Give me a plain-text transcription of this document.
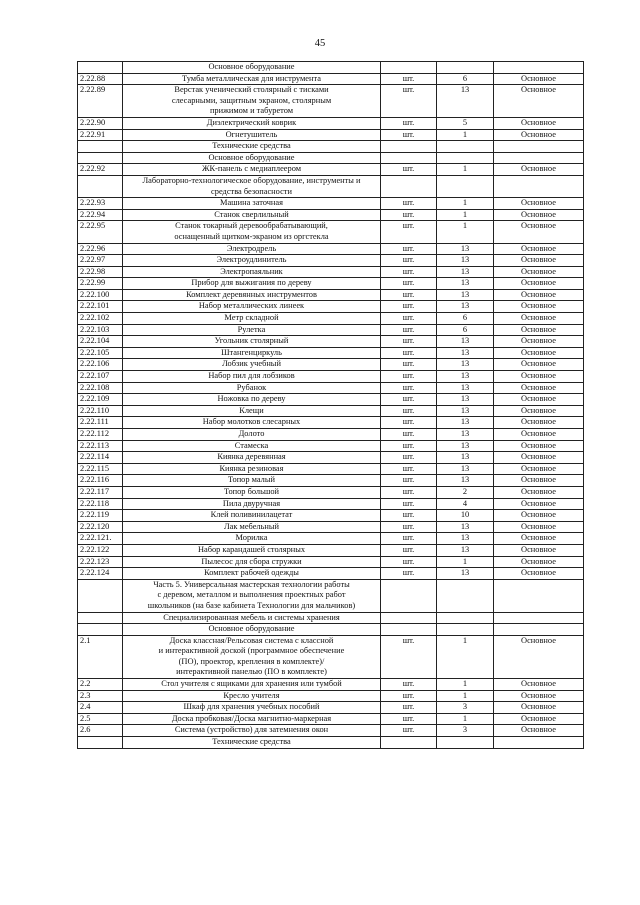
45
	Основное оборудование			
2.22.88	Тумба металлическая для инструмента	шт.	6	Основное
2.22.89	Верстак ученический столярный с тисками
слесарными, защитным экраном, столярным
прижимом и табуретом	шт.	13	Основное
2.22.90	Диэлектрический коврик	шт.	5	Основное
2.22.91	Огнетушитель	шт.	1	Основное
	Технические средства			
	Основное оборудование			
2.22.92	ЖК-панель с медиаплеером	шт.	1	Основное
	Лабораторно-технологическое оборудование, инструменты и
средства безопасности			
2.22.93	Машина заточная	шт.	1	Основное
2.22.94	Станок сверлильный	шт.	1	Основное
2.22.95	Станок токарный деревообрабатывающий,
оснащенный щитком-экраном из оргстекла	шт.	1	Основное
2.22.96	Электродрель	шт.	13	Основное
2.22.97	Электроудлинитель	шт.	13	Основное
2.22.98	Электропаяльник	шт.	13	Основное
2.22.99	Прибор для выжигания по дереву	шт.	13	Основное
2.22.100	Комплект деревянных инструментов	шт.	13	Основное
2.22.101	Набор металлических линеек	шт.	13	Основное
2.22.102	Метр складной	шт.	6	Основное
2.22.103	Рулетка	шт.	6	Основное
2.22.104	Угольник столярный	шт.	13	Основное
2.22.105	Штангенциркуль	шт.	13	Основное
2.22.106	Лобзик учебный	шт.	13	Основное
2.22.107	Набор пил для лобзиков	шт.	13	Основное
2.22.108	Рубанок	шт.	13	Основное
2.22.109	Ножовка по дереву	шт.	13	Основное
2.22.110	Клещи	шт.	13	Основное
2.22.111	Набор молотков слесарных	шт.	13	Основное
2.22.112	Долото	шт.	13	Основное
2.22.113	Стамеска	шт.	13	Основное
2.22.114	Киянка деревянная	шт.	13	Основное
2.22.115	Киянка резиновая	шт.	13	Основное
2.22.116	Топор малый	шт.	13	Основное
2.22.117	Топор большой	шт.	2	Основное
2.22.118	Пила двуручная	шт.	4	Основное
2.22.119	Клей поливинилацетат	шт.	10	Основное
2.22.120	Лак мебельный	шт.	13	Основное
2.22.121.	Морилка	шт.	13	Основное
2.22.122	Набор карандашей столярных	шт.	13	Основное
2.22.123	Пылесос для сбора стружки	шт.	1	Основное
2.22.124	Комплект рабочей одежды	шт.	13	Основное
	Часть 5. Универсальная мастерская технологии работы
с деревом, металлом и выполнения проектных работ
школьников (на базе кабинета Технологии для мальчиков)			
	Специализированная мебель и системы хранения			
	Основное оборудование			
2.1	Доска классная/Рельсовая система с классной
и интерактивной доской (программное обеспечение
(ПО), проектор, крепления в комплекте)/
интерактивной панелью (ПО в комплекте)	шт.	1	Основное
2.2	Стол учителя с ящиками для хранения или тумбой	шт.	1	Основное
2.3	Кресло учителя	шт.	1	Основное
2.4	Шкаф для хранения учебных пособий	шт.	3	Основное
2.5	Доска пробковая/Доска магнитно-маркерная	шт.	1	Основное
2.6	Система (устройство) для затемнения окон	шт.	3	Основное
	Технические средства			
